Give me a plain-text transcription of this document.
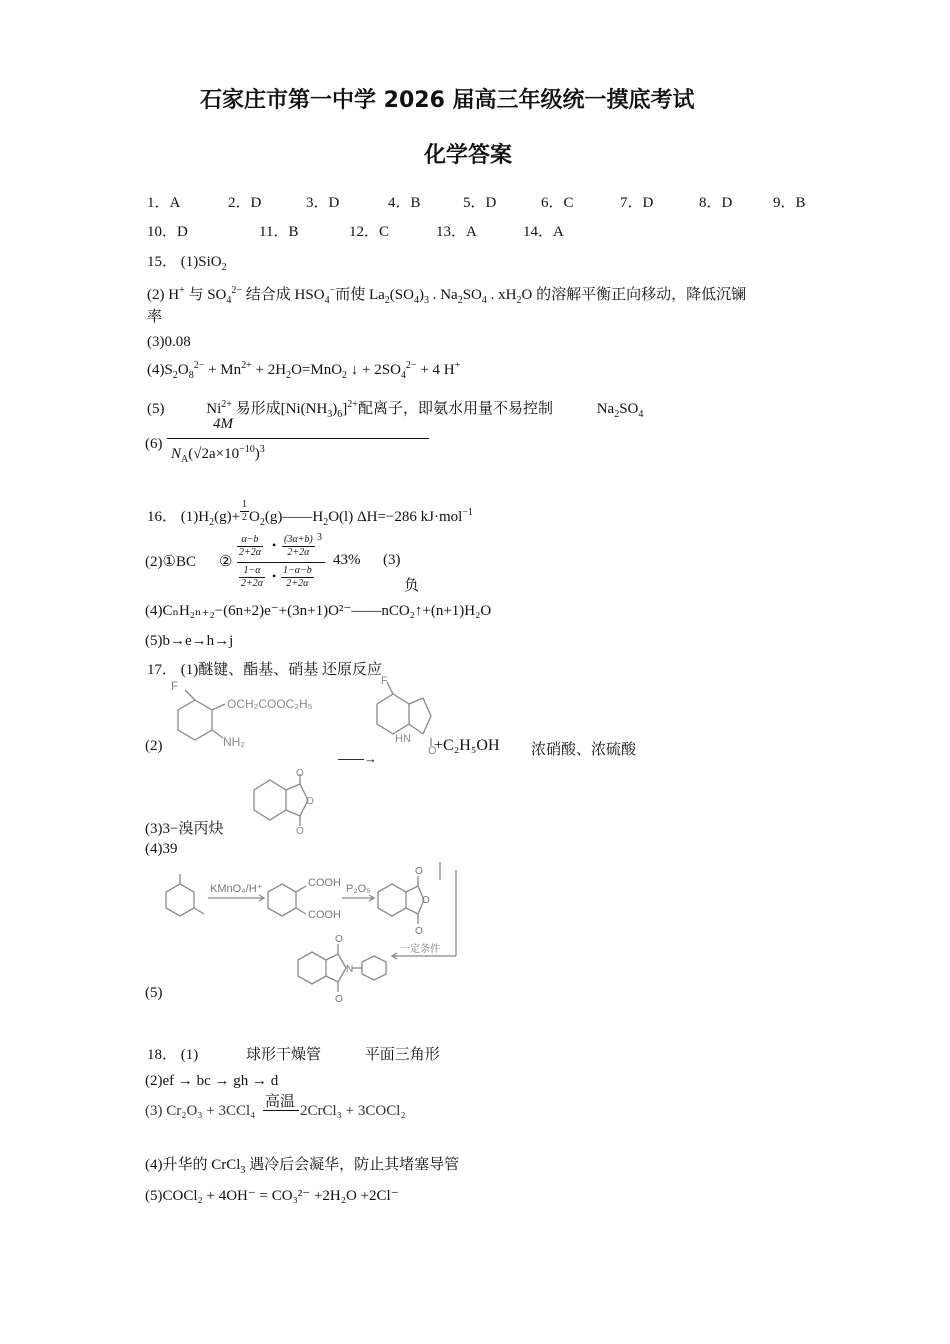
石家庄市第一中学 2026 届高三年级统一摸底考试
化学答案
1．A	2．D	3．D	4．B	5．D	6．C	7．D	8．D	9．B
10．D	11．B	12．C	13．A	14．A
15． (1)SiO$_2$
(2) H+ 与 $SO_4^{2-}$ 结合成 $HSO_4^-$而使 $La_2(SO_4)_3$ . $Na_2SO_4$ . $xH_2O$ 的溶解平衡正向移动，降低沉镧
率
(3)0.08
$(4)S_2O_8^{2-} + Mn^{2+} + 2H_2O=MnO_2$ ↓ + $2SO_4^{2-} + 4$ H+
(5)	$Ni^{2+}$ 易形成$[Ni(NH_3)_6]^{2+}$配离子，即氨水用量不易控制	$Na_2SO_4$
(6)
4M
$N_A(√2a\times 10^{-10})^3$
16． $(1)H_2(g)+ \frac{1}{2}$ $O_2(g)——H_2O(l)$ ΔH=−286 kJ·mol$^{-1}$
(2)①BC ②
$\frac{\alpha-b}{2+2\alpha}$ • $\frac{(3\alpha+b)}{2+2\alpha} 3$
$\frac{1-\alpha}{2+2\alpha}$ • $\frac{1-\alpha-b}{2+2\alpha}$
43% (3)
负
(4)CₙH₂ₙ₊₂−(6n+2)e⁻+(3n+1)O²⁻——nCO₂↑+(n+1)H₂O
(5)b→e→h→j
17． (1)醚键、酯基、硝基 还原反应
(2)
F
OCH₂COOC₂H₅
NH₂
——→
F
HN
O
+C₂H₅OH 浓硝酸、浓硫酸
O
O
O
(3)3−溴丙炔
(4)39
KMnO₄/H⁺	COOH
COOH
P₂O₅
O
O
O
一定条件
O
N
O
(5)
18． (1)	球形干燥管	平面三角形
(2)ef → bc → gh → d
(3) Cr₂O₃ + 3CCl₄
高温
2CrCl₃ + 3COCl₂
(4)升华的 CrCl$_3$ 遇冷后会凝华，防止其堵塞导管
(5)COCl₂ + 4OH⁻ = CO₃²⁻ +2H₂O +2Cl⁻
